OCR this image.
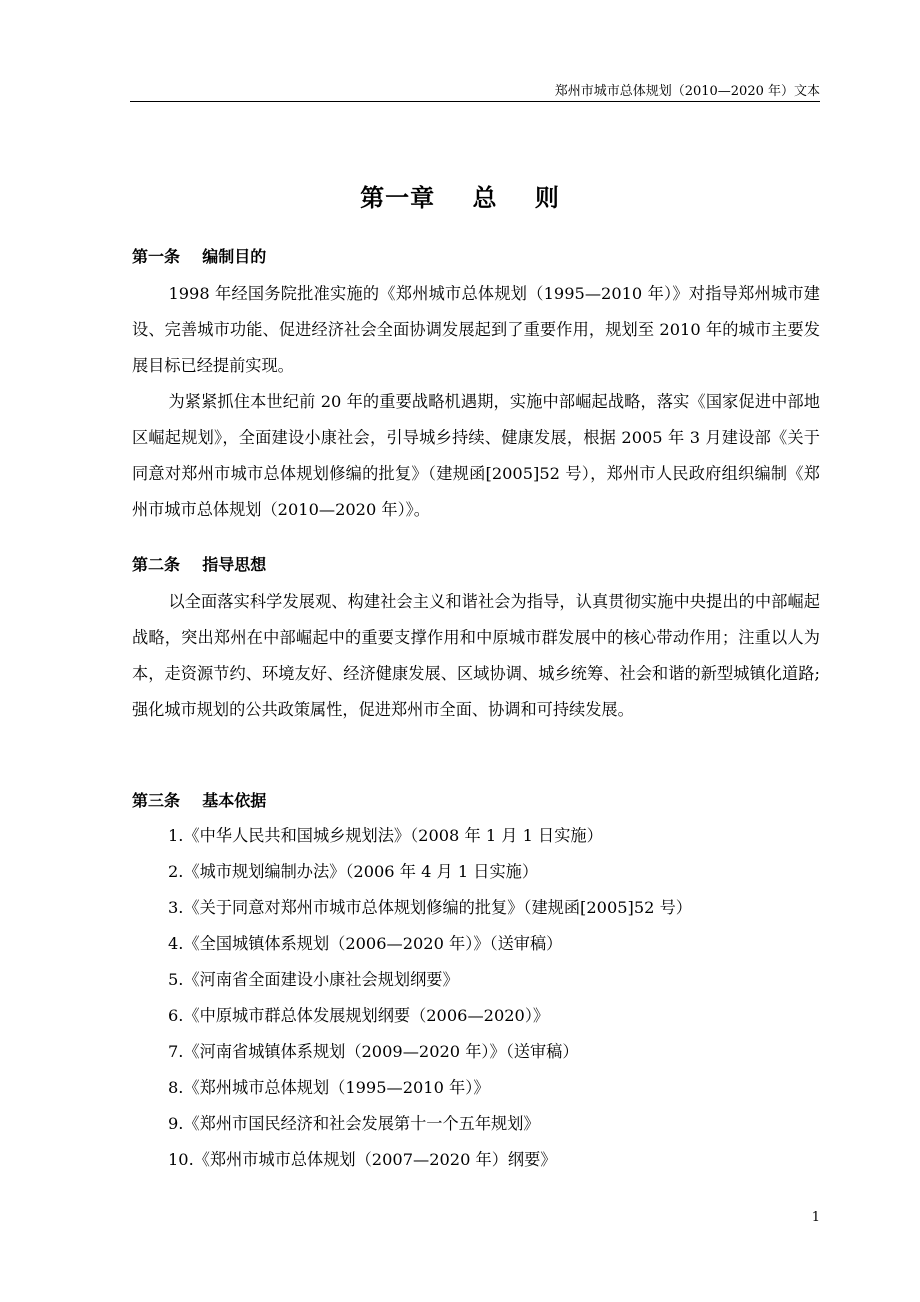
郑州市城市总体规划（2010—2020 年）文本
第一章    总    则
第一条    编制目的

1998 年经国务院批准实施的《郑州城市总体规划（1995—2010 年）》对指导郑州城市建设、完善城市功能、促进经济社会全面协调发展起到了重要作用，规划至 2010 年的城市主要发展目标已经提前实现。

为紧紧抓住本世纪前 20 年的重要战略机遇期，实施中部崛起战略，落实《国家促进中部地区崛起规划》，全面建设小康社会，引导城乡持续、健康发展，根据 2005 年 3 月建设部《关于同意对郑州市城市总体规划修编的批复》（建规函[2005]52 号），郑州市人民政府组织编制《郑州市城市总体规划（2010—2020 年）》。

第二条    指导思想

以全面落实科学发展观、构建社会主义和谐社会为指导，认真贯彻实施中央提出的中部崛起战略，突出郑州在中部崛起中的重要支撑作用和中原城市群发展中的核心带动作用；注重以人为本，走资源节约、环境友好、经济健康发展、区域协调、城乡统筹、社会和谐的新型城镇化道路; 强化城市规划的公共政策属性，促进郑州市全面、协调和可持续发展。

第三条    基本依据
1.《中华人民共和国城乡规划法》（2008 年 1 月 1 日实施）
2.《城市规划编制办法》（2006 年 4 月 1 日实施）
3.《关于同意对郑州市城市总体规划修编的批复》（建规函[2005]52 号）
4.《全国城镇体系规划（2006—2020 年）》（送审稿）
5.《河南省全面建设小康社会规划纲要》
6.《中原城市群总体发展规划纲要（2006—2020）》
7.《河南省城镇体系规划（2009—2020 年）》（送审稿）
8.《郑州城市总体规划（1995—2010 年）》
9.《郑州市国民经济和社会发展第十一个五年规划》
10.《郑州市城市总体规划（2007—2020 年）纲要》
1
